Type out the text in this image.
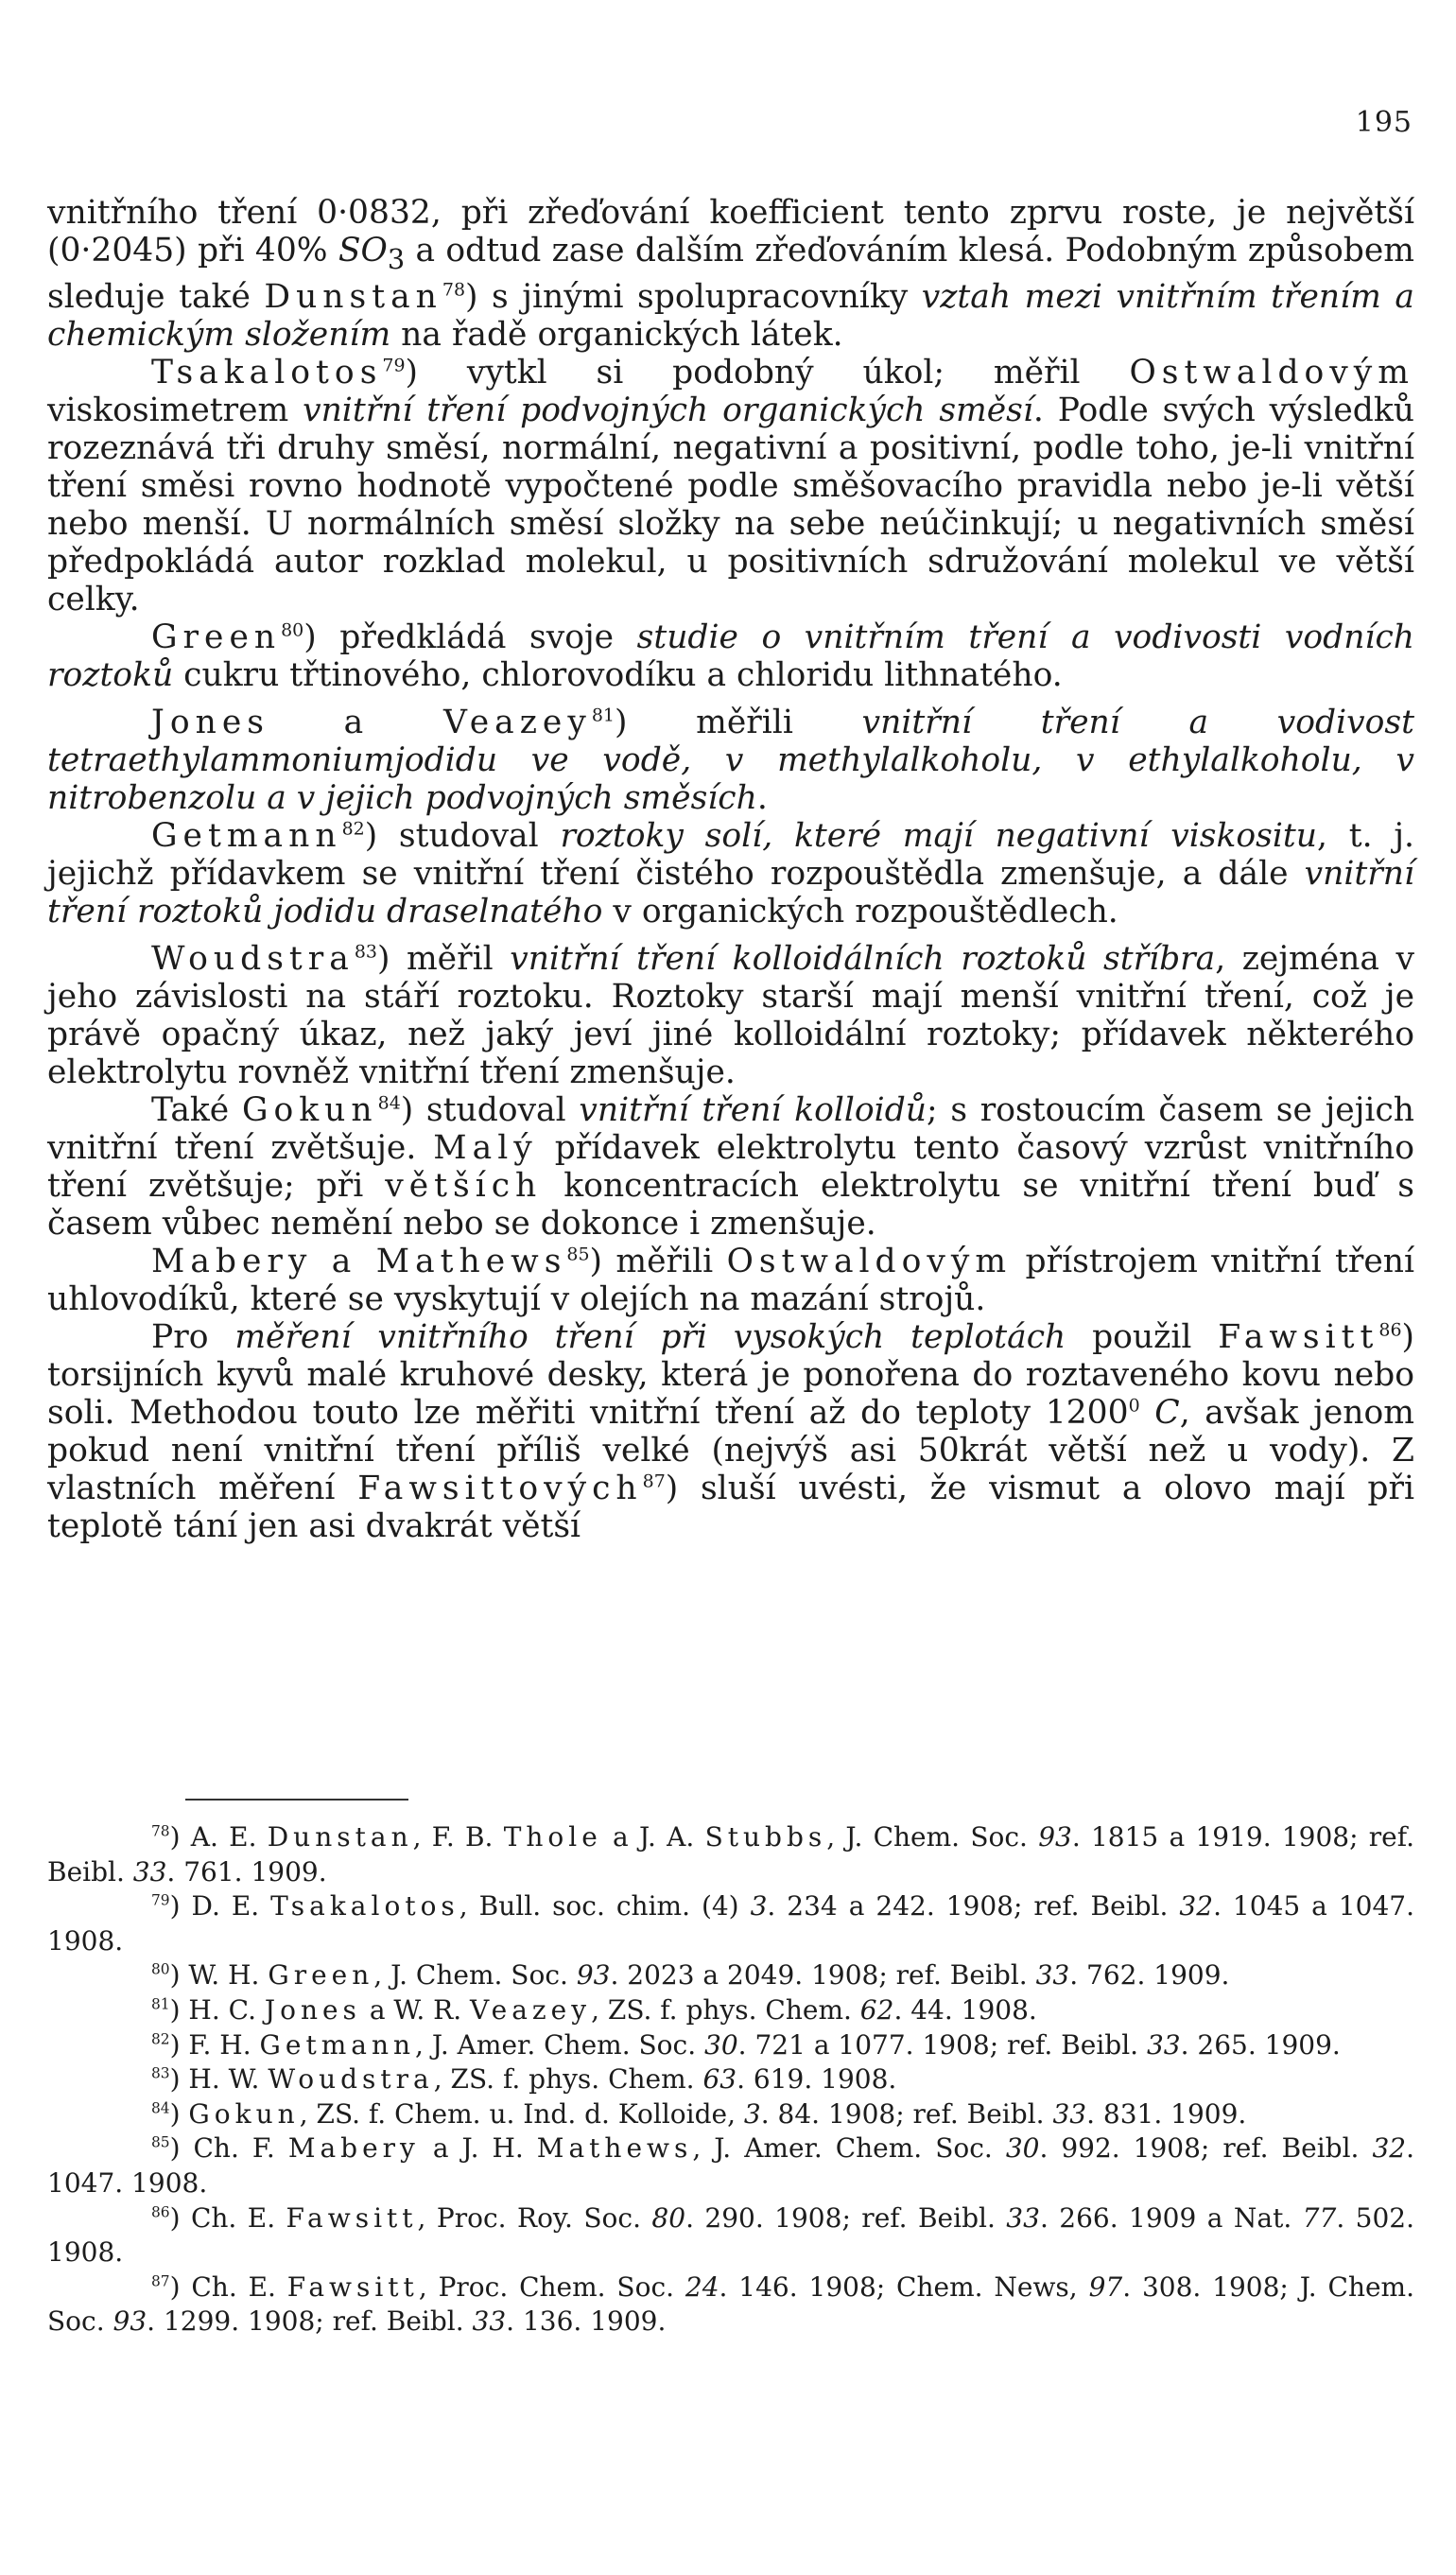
195

vnitřního tření 0·0832, při zřeďování koefficient tento zprvu roste, je největší (0·2045) při 40% $SO_3$ a odtud zase dalším zřeďováním klesá. Podobným způsobem sleduje také Dunstan$^{78}$) s jinými spolupracovníky vztah mezi vnitřním třením a chemickým složením na řadě organických látek.

Tsakalotos$^{79}$) vytkl si podobný úkol; měřil Ostwaldovým viskosimetrem vnitřní tření podvojných organických směsí. Podle svých výsledků rozeznává tři druhy směsí, normální, negativní a positivní, podle toho, je-li vnitřní tření směsi rovno hodnotě vypočtené podle směšovacího pravidla nebo je-li větší nebo menší. U normálních směsí složky na sebe neúčinkují; u negativních směsí předpokládá autor rozklad molekul, u positivních sdružování molekul ve větší celky.

Green$^{80}$) předkládá svoje studie o vnitřním tření a vodivosti vodních roztoků cukru třtinového, chlorovodíku a chloridu lithnatého.

Jones a Veazey$^{81}$) měřili vnitřní tření a vodivost tetraethylammoniumjodidu ve vodě, v methylalkoholu, v ethylalkoholu, v nitrobenzolu a v jejich podvojných směsích.

Getmann$^{82}$) studoval roztoky solí, které mají negativní viskositu, t. j. jejichž přídavkem se vnitřní tření čistého rozpouštědla zmenšuje, a dále vnitřní tření roztoků jodidu draselnatého v organických rozpouštědlech.

Woudstra$^{83}$) měřil vnitřní tření kolloidálních roztoků stříbra, zejména v jeho závislosti na stáří roztoku. Roztoky starší mají menší vnitřní tření, což je právě opačný úkaz, než jaký jeví jiné kolloidální roztoky; přídavek některého elektrolytu rovněž vnitřní tření zmenšuje.

Také Gokun$^{84}$) studoval vnitřní tření kolloidů; s rostoucím časem se jejich vnitřní tření zvětšuje. Malý přídavek elektrolytu tento časový vzrůst vnitřního tření zvětšuje; při větších koncentracích elektrolytu se vnitřní tření buď s časem vůbec nemění nebo se dokonce i zmenšuje.

Mabery a Mathews$^{85}$) měřili Ostwaldovým přístrojem vnitřní tření uhlovodíků, které se vyskytují v olejích na mazání strojů.

Pro měření vnitřního tření při vysokých teplotách použil Fawsitt$^{86}$) torsijních kyvů malé kruhové desky, která je ponořena do roztaveného kovu nebo soli. Methodou touto lze měřiti vnitřní tření až do teploty 1200$^0$ C, avšak jenom pokud není vnitřní tření příliš velké (nejvýš asi 50krát větší než u vody). Z vlastních měření Fawsittových$^{87}$) sluší uvésti, že vismut a olovo mají při teplotě tání jen asi dvakrát větší

$^{78}$) A. E. Dunstan, F. B. Thole a J. A. Stubbs, J. Chem. Soc. 93. 1815 a 1919. 1908; ref. Beibl. 33. 761. 1909.

$^{79}$) D. E. Tsakalotos, Bull. soc. chim. (4) 3. 234 a 242. 1908; ref. Beibl. 32. 1045 a 1047. 1908.

$^{80}$) W. H. Green, J. Chem. Soc. 93. 2023 a 2049. 1908; ref. Beibl. 33. 762. 1909.

$^{81}$) H. C. Jones a W. R. Veazey, ZS. f. phys. Chem. 62. 44. 1908.

$^{82}$) F. H. Getmann, J. Amer. Chem. Soc. 30. 721 a 1077. 1908; ref. Beibl. 33. 265. 1909.

$^{83}$) H. W. Woudstra, ZS. f. phys. Chem. 63. 619. 1908.

$^{84}$) Gokun, ZS. f. Chem. u. Ind. d. Kolloide, 3. 84. 1908; ref. Beibl. 33. 831. 1909.

$^{85}$) Ch. F. Mabery a J. H. Mathews, J. Amer. Chem. Soc. 30. 992. 1908; ref. Beibl. 32. 1047. 1908.

$^{86}$) Ch. E. Fawsitt, Proc. Roy. Soc. 80. 290. 1908; ref. Beibl. 33. 266. 1909 a Nat. 77. 502. 1908.

$^{87}$) Ch. E. Fawsitt, Proc. Chem. Soc. 24. 146. 1908; Chem. News, 97. 308. 1908; J. Chem. Soc. 93. 1299. 1908; ref. Beibl. 33. 136. 1909.
